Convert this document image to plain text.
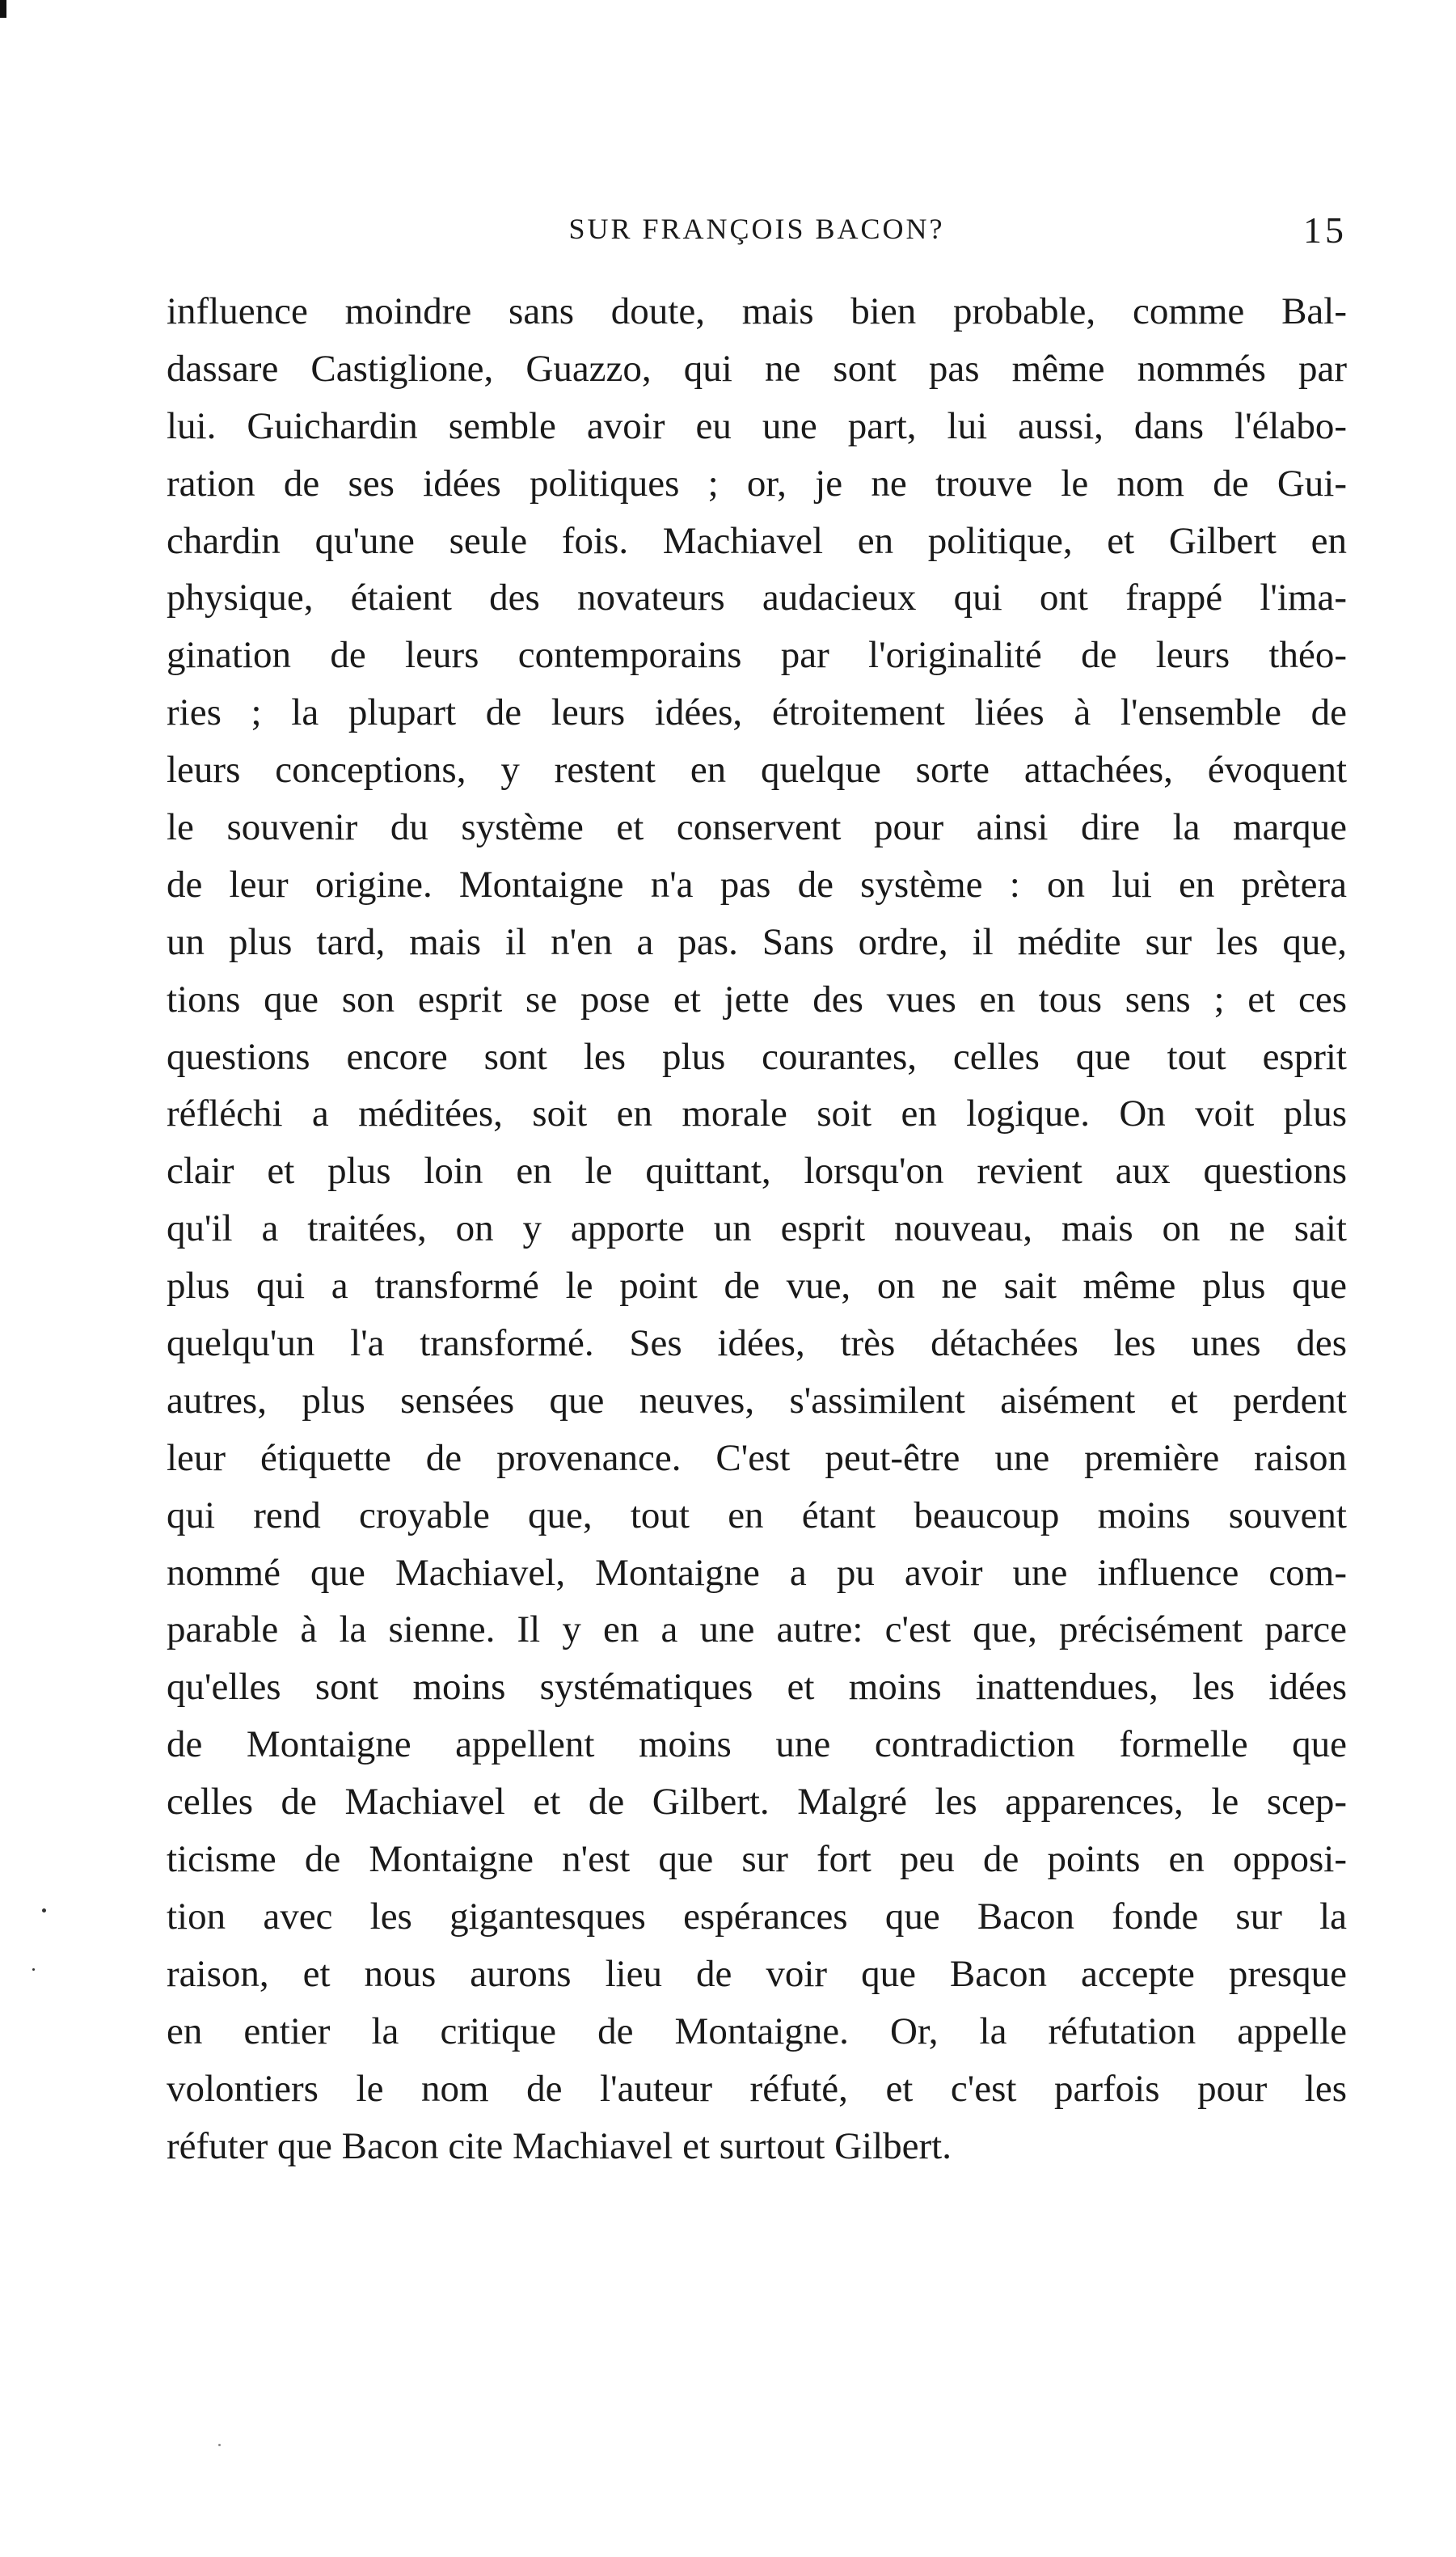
SUR FRANÇOIS BACON?	15
influence moindre sans doute, mais bien probable, comme Bal-
dassare Castiglione, Guazzo, qui ne sont pas même nommés par
lui. Guichardin semble avoir eu une part, lui aussi, dans l'élabo-
ration de ses idées politiques ; or, je ne trouve le nom de Gui-
chardin qu'une seule fois. Machiavel en politique, et Gilbert en
physique, étaient des novateurs audacieux qui ont frappé l'ima-
gination de leurs contemporains par l'originalité de leurs théo-
ries ; la plupart de leurs idées, étroitement liées à l'ensemble de
leurs conceptions, y restent en quelque sorte attachées, évoquent
le souvenir du système et conservent pour ainsi dire la marque
de leur origine. Montaigne n'a pas de système : on lui en prètera
un plus tard, mais il n'en a pas. Sans ordre, il médite sur les que,
tions que son esprit se pose et jette des vues en tous sens ; et ces
questions encore sont les plus courantes, celles que tout esprit
réfléchi a méditées, soit en morale soit en logique. On voit plus
clair et plus loin en le quittant, lorsqu'on revient aux questions
qu'il a traitées, on y apporte un esprit nouveau, mais on ne sait
plus qui a transformé le point de vue, on ne sait même plus que
quelqu'un l'a transformé. Ses idées, très détachées les unes des
autres, plus sensées que neuves, s'assimilent aisément et perdent
leur étiquette de provenance. C'est peut-être une première raison
qui rend croyable que, tout en étant beaucoup moins souvent
nommé que Machiavel, Montaigne a pu avoir une influence com-
parable à la sienne. Il y en a une autre: c'est que, précisément parce
qu'elles sont moins systématiques et moins inattendues, les idées
de Montaigne appellent moins une contradiction formelle que
celles de Machiavel et de Gilbert. Malgré les apparences, le scep-
ticisme de Montaigne n'est que sur fort peu de points en opposi-
tion avec les gigantesques espérances que Bacon fonde sur la
raison, et nous aurons lieu de voir que Bacon accepte presque
en entier la critique de Montaigne. Or, la réfutation appelle
volontiers le nom de l'auteur réfuté, et c'est parfois pour les
réfuter que Bacon cite Machiavel et surtout Gilbert.
